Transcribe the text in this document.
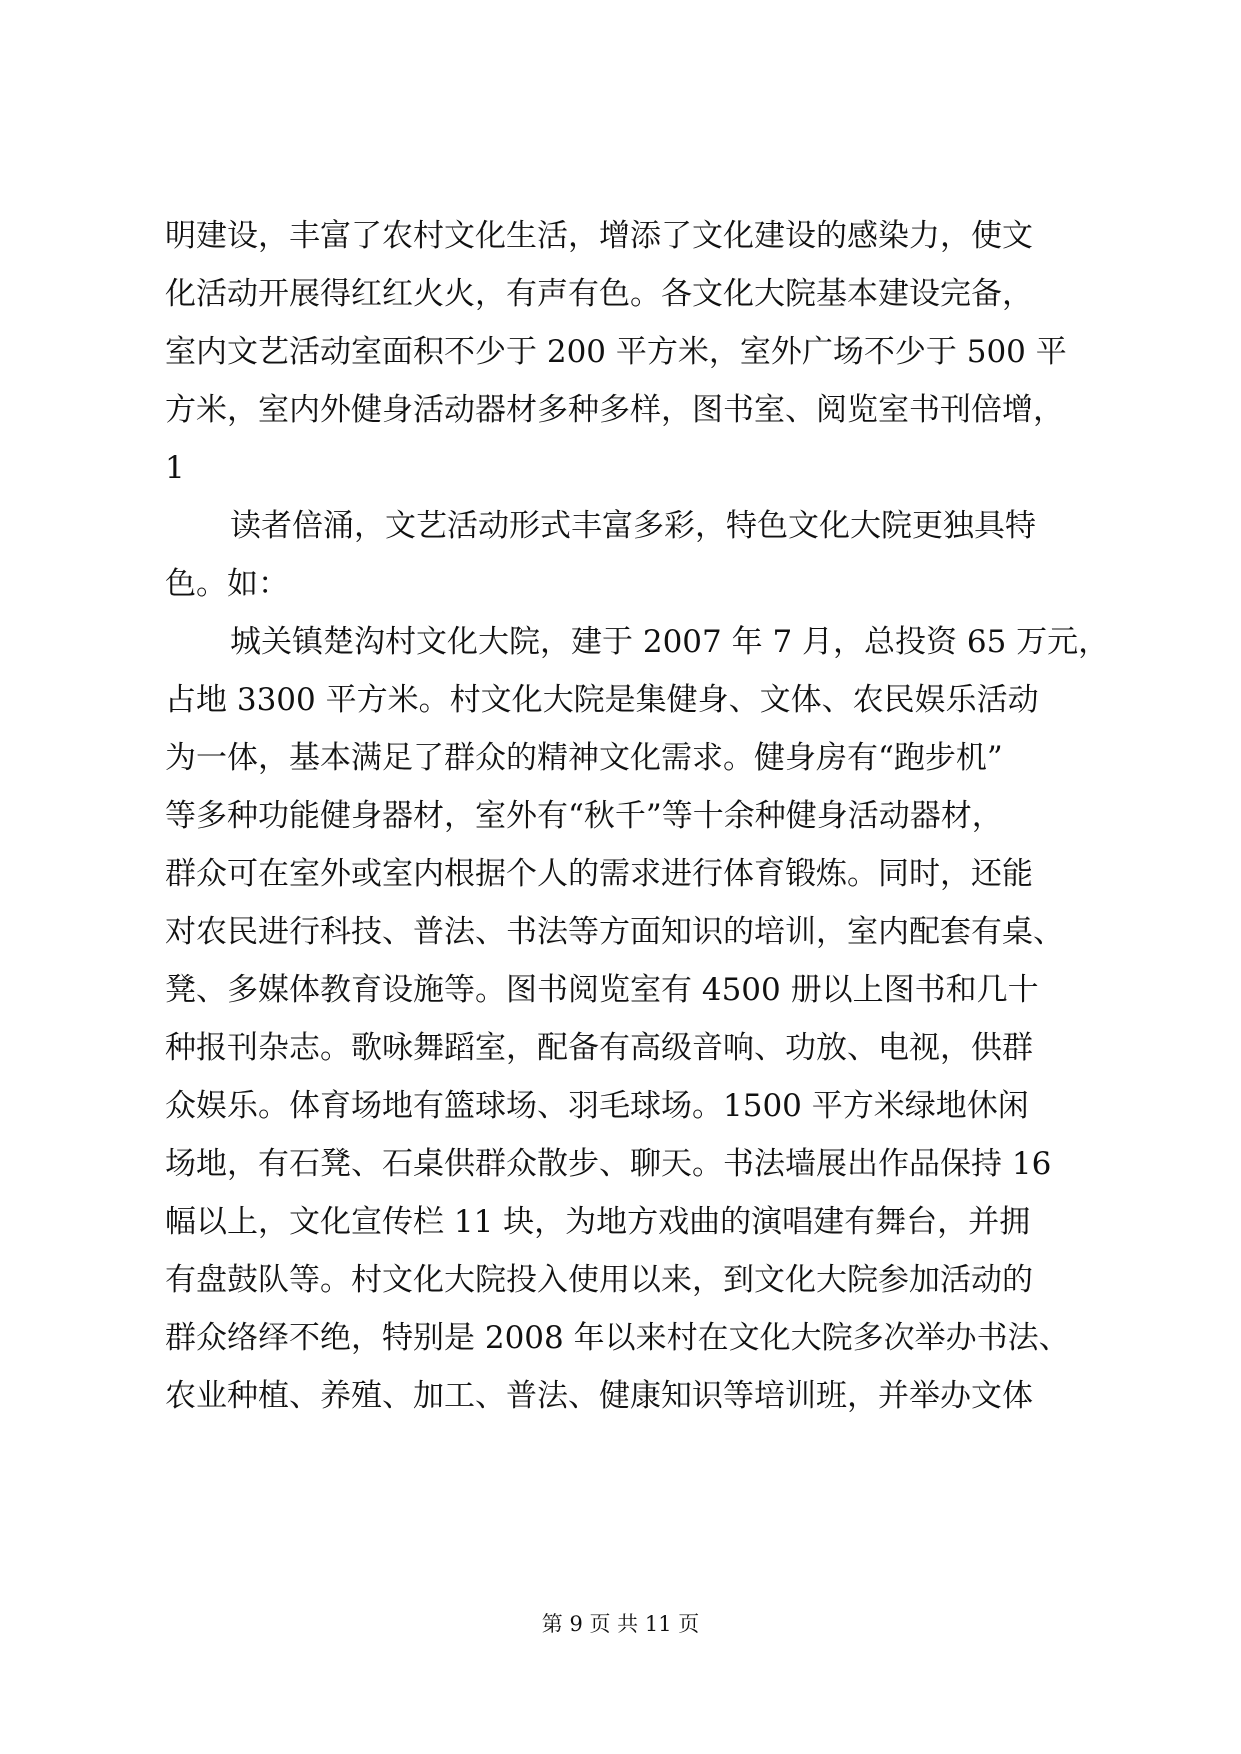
明建设，丰富了农村文化生活，增添了文化建设的感染力，使文
化活动开展得红红火火，有声有色。各文化大院基本建设完备，
室内文艺活动室面积不少于 200 平方米，室外广场不少于 500 平
方米，室内外健身活动器材多种多样，图书室、阅览室书刊倍增，
1
读者倍涌，文艺活动形式丰富多彩，特色文化大院更独具特
色。如：
城关镇楚沟村文化大院，建于 2007 年 7 月，总投资 65 万元，
占地 3300 平方米。村文化大院是集健身、文体、农民娱乐活动
为一体，基本满足了群众的精神文化需求。健身房有“跑步机”
等多种功能健身器材，室外有“秋千”等十余种健身活动器材，
群众可在室外或室内根据个人的需求进行体育锻炼。同时，还能
对农民进行科技、普法、书法等方面知识的培训，室内配套有桌、
凳、多媒体教育设施等。图书阅览室有 4500 册以上图书和几十
种报刊杂志。歌咏舞蹈室，配备有高级音响、功放、电视，供群
众娱乐。体育场地有篮球场、羽毛球场。1500 平方米绿地休闲
场地，有石凳、石桌供群众散步、聊天。书法墙展出作品保持 16
幅以上，文化宣传栏 11 块，为地方戏曲的演唱建有舞台，并拥
有盘鼓队等。村文化大院投入使用以来，到文化大院参加活动的
群众络绎不绝，特别是 2008 年以来村在文化大院多次举办书法、
农业种植、养殖、加工、普法、健康知识等培训班，并举办文体
第 9 页 共 11 页
